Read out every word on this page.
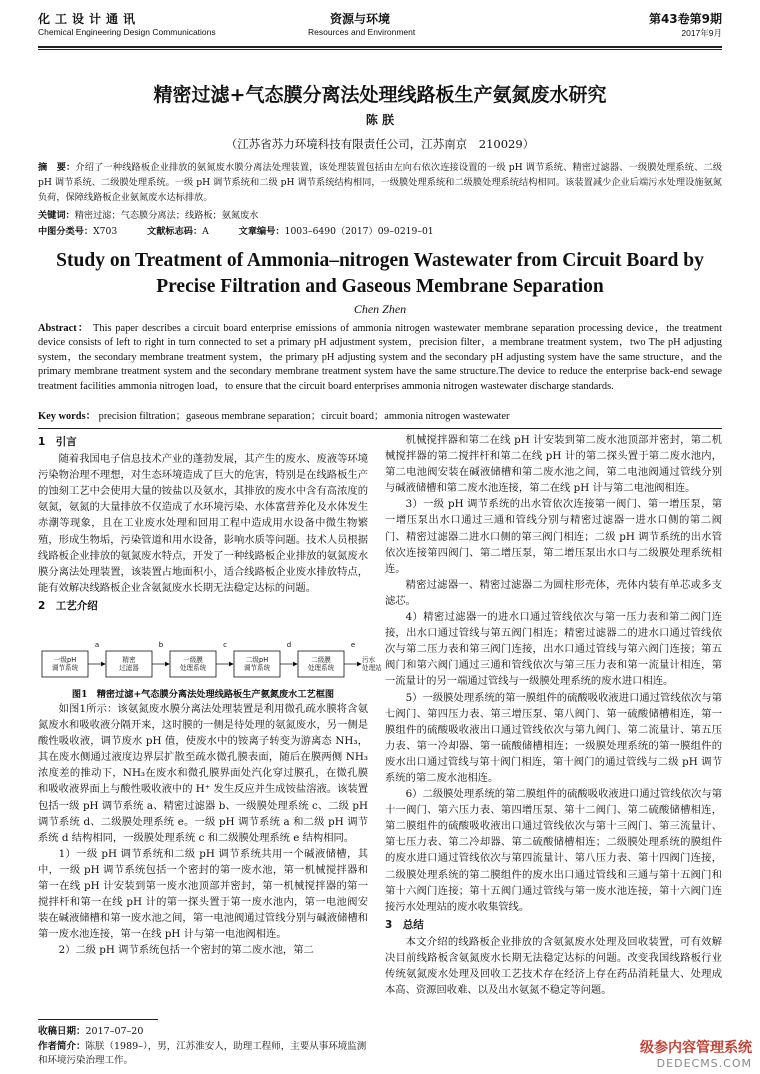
化工设计通讯
Chemical Engineering Design Communications
资源与环境
Resources and Environment
第43卷第9期
2017年9月
精密过滤+气态膜分离法处理线路板生产氨氮废水研究
陈 朕
（江苏省苏力环境科技有限责任公司，江苏南京　210029）
摘　要：介绍了一种线路板企业排放的氨氮废水膜分离法处理装置，该处理装置包括由左向右依次连接设置的一级 pH 调节系统、精密过滤器、一级膜处理系统、二级 pH 调节系统、二级膜处理系统。一级 pH 调节系统和二级 pH 调节系统结构相同，一级膜处理系统和二级膜处理系统结构相同。该装置减少企业后端污水处理设施氨氮负荷，保障线路板企业氨氮废水达标排放。
关键词：精密过滤；气态膜分离法；线路板；氨氮废水
中图分类号：X703	文献标志码：A	文章编号：1003–6490（2017）09–0219–01
Study on Treatment of Ammonia–nitrogen Wastewater from Circuit Board by Precise Filtration and Gaseous Membrane Separation
Chen Zhen
Abstract： This paper describes a circuit board enterprise emissions of ammonia nitrogen wastewater membrane separation processing device，the treatment device consists of left to right in turn connected to set a primary pH adjustment system，precision filter，a membrane treatment system，two The pH adjusting system，the secondary membrane treatment system，the primary pH adjusting system and the secondary pH adjusting system have the same structure，and the primary membrane treatment system and the secondary membrane treatment system have the same structure.The device to reduce the enterprise back-end sewage treatment facilities ammonia nitrogen load，to ensure that the circuit board enterprises ammonia nitrogen wastewater discharge standards.
Key words： precision filtration；gaseous membrane separation；circuit board；ammonia nitrogen wastewater

1　引言

随着我国电子信息技术产业的蓬勃发展，其产生的废水、废液等环境污染物治理不理想，对生态环境造成了巨大的危害，特别是在线路板生产的蚀刻工艺中会使用大量的铵盐以及氨水，其排放的废水中含有高浓度的氨氮，氨氮的大量排放不仅造成了水环境污染、水体富营养化及水体发生赤潮等现象，且在工业废水处理和回用工程中造成用水设备中微生物繁殖，形成生物垢，污染管道和用水设备，影响水质等问题。技术人员根据线路板企业排放的氨氮废水特点，开发了一种线路板企业排放的氨氮废水膜分离法处理装置，该装置占地面积小，适合线路板企业废水排放特点，能有效解决线路板企业含氨氮废水长期无法稳定达标的问题。

2　工艺介绍

一级pH
调节系统
a
精密
过滤器
b
一级膜
处理系统
c
二级pH
调节系统
d
二级膜
处理系统
e
污水
处理站
图1　精密过滤+气态膜分离法处理线路板生产氨氮废水工艺框图

如图1所示：该氨氮废水膜分离法处理装置是利用微孔疏水膜将含氨氮废水和吸收液分隔开来，这时膜的一侧是待处理的氨氮废水，另一侧是酸性吸收液，调节废水 pH 值，使废水中的铵离子转变为游离态 NH₃，其在废水侧通过液度边界层扩散至疏水微孔膜表面，随后在膜两侧 NH₃浓度差的推动下，NH₃在废水和微孔膜界面处汽化穿过膜孔，在微孔膜和吸收液界面上与酸性吸收液中的 H⁺ 发生反应并生成铵盐溶液。该装置包括一级 pH 调节系统 a、精密过滤器 b、一级膜处理系统 c、二级 pH 调节系统 d、二级膜处理系统 e。一级 pH 调节系统 a 和二级 pH 调节系统 d 结构相同，一级膜处理系统 c 和二级膜处理系统 e 结构相同。

1）一级 pH 调节系统和二级 pH 调节系统共用一个碱液储槽，其中，一级 pH 调节系统包括一个密封的第一废水池，第一机械搅拌器和第一在线 pH 计安装到第一废水池顶部并密封，第一机械搅拌器的第一搅拌杆和第一在线 pH 计的第一探头置于第一废水池内，第一电池阀安装在碱液储槽和第一废水池之间，第一电池阀通过管线分别与碱液储槽和第一废水池连接，第一在线 pH 计与第一电池阀相连。

2）二级 pH 调节系统包括一个密封的第二废水池，第二

收稿日期：2017–07–20
作者简介：陈朕（1989–），男，江苏淮安人，助理工程师，主要从事环境监测和环境污染治理工作。

机械搅拌器和第二在线 pH 计安装到第二废水池顶部并密封，第二机械搅拌器的第二搅拌杆和第二在线 pH 计的第二探头置于第二废水池内，第二电池阀安装在碱液储槽和第二废水池之间，第二电池阀通过管线分别与碱液储槽和第二废水池连接，第二在线 pH 计与第二电池阀相连。

3）一级 pH 调节系统的出水管依次连接第一阀门、第一增压泵，第一增压泵出水口通过三通和管线分别与精密过滤器一进水口侧的第二阀门、精密过滤器二进水口侧的第三阀门相连；二级 pH 调节系统的出水管依次连接第四阀门、第二增压泵，第二增压泵出水口与二级膜处理系统相连。

精密过滤器一、精密过滤器二为圆柱形壳体，壳体内装有单芯或多支滤芯。

4）精密过滤器一的进水口通过管线依次与第一压力表和第二阀门连接，出水口通过管线与第五阀门相连；精密过滤器二的进水口通过管线依次与第二压力表和第三阀门连接，出水口通过管线与第六阀门连接；第五阀门和第六阀门通过三通和管线依次与第三压力表和第一流量计相连，第一流量计的另一端通过管线与一级膜处理系统的废水进口相连。

5）一级膜处理系统的第一膜组件的硫酸吸收液进口通过管线依次与第七阀门、第四压力表、第三增压泵、第八阀门、第一硫酸储槽相连，第一膜组件的硫酸吸收液出口通过管线依次与第九阀门、第二流量计、第五压力表、第一冷却器、第一硫酸储槽相连；一级膜处理系统的第一膜组件的废水出口通过管线与第十阀门相连，第十阀门的通过管线与二级 pH 调节系统的第二废水池相连。

6）二级膜处理系统的第二膜组件的硫酸吸收液进口通过管线依次与第十一阀门、第六压力表、第四增压泵、第十二阀门、第二硫酸储槽相连，第二膜组件的硫酸吸收液出口通过管线依次与第十三阀门、第三流量计、第七压力表、第二冷却器、第二硫酸储槽相连；二级膜处理系统的膜组件的废水进口通过管线依次与第四流量计、第八压力表、第十四阀门连接，二级膜处理系统的第二膜组件的废水出口通过管线和三通与第十五阀门和第十六阀门连接；第十五阀门通过管线与第一废水池连接，第十六阀门连接污水处理站的废水收集管线。

3　总结

本文介绍的线路板企业排放的含氨氮废水处理及回收装置，可有效解决目前线路板含氨氮废水长期无法稳定达标的问题。改变我国线路板行业传统氨氮废水处理及回收工艺技术存在经济上存在药品消耗量大、处理成本高、资源回收难、以及出水氨氮不稳定等问题。

级参内容管理系统
DEDECMS.COM
